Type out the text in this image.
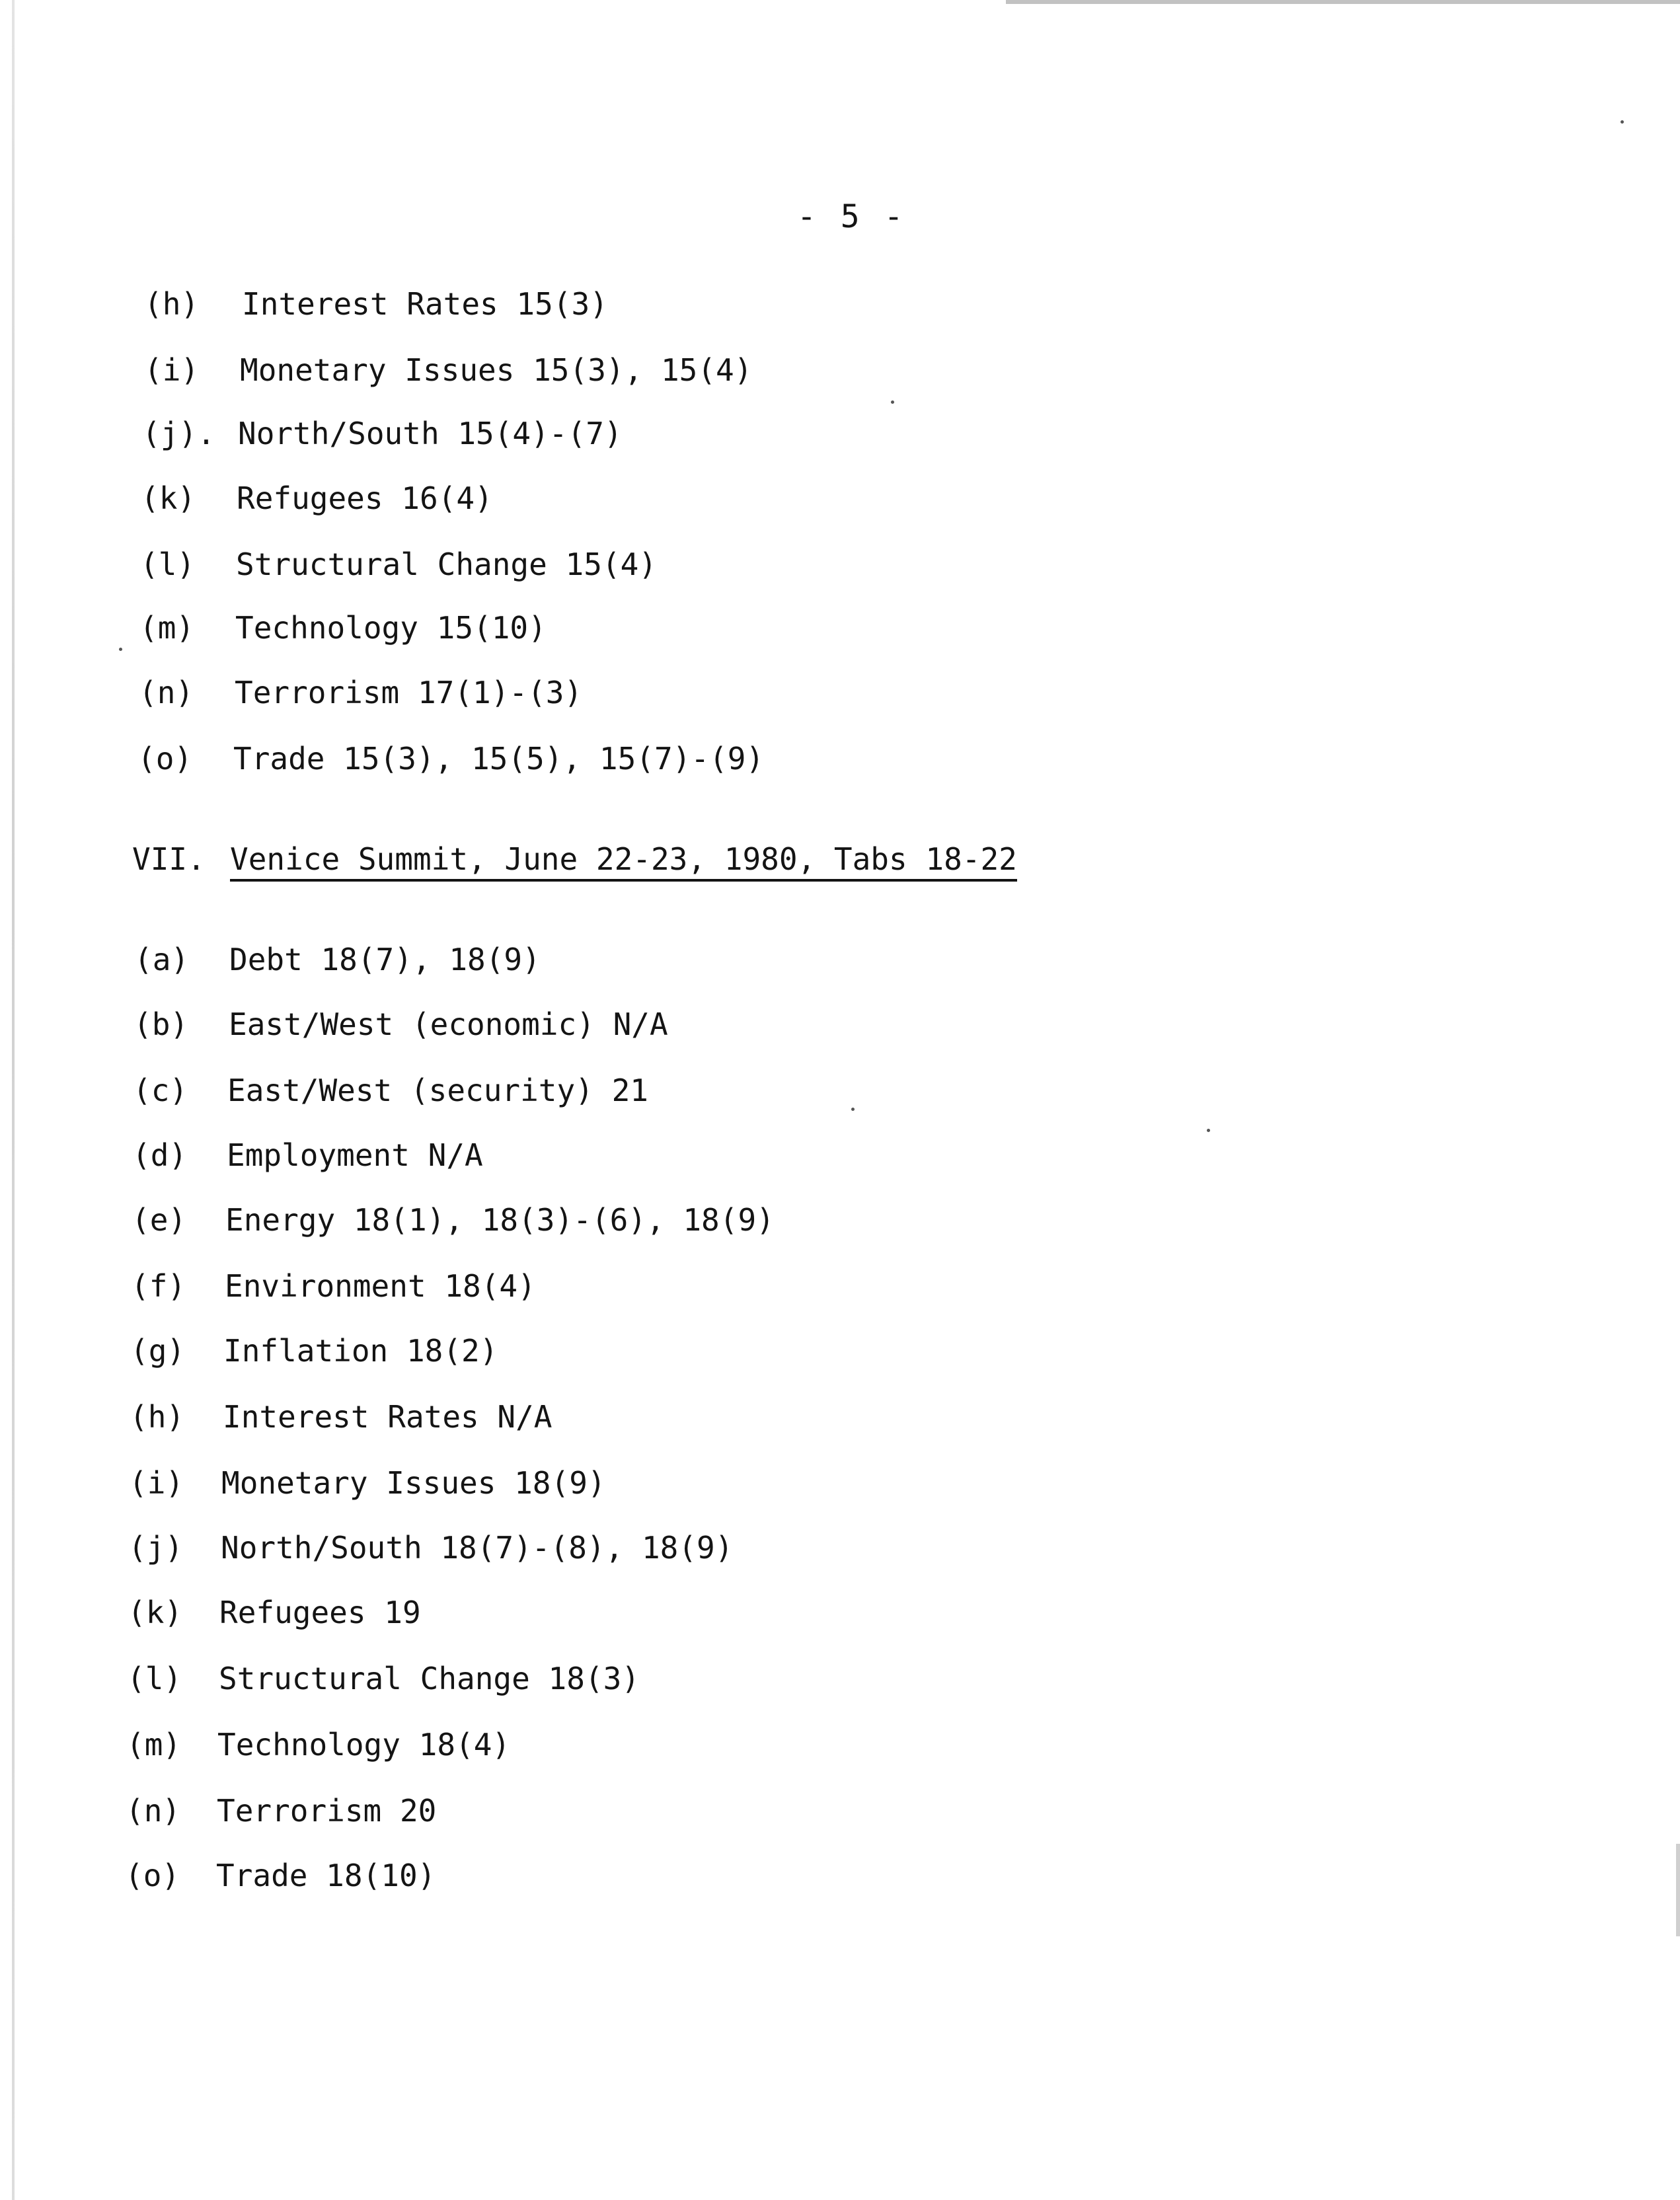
- 5 -

(h)

Interest Rates 15(3)

(i)

Monetary Issues 15(3), 15(4)

(j).

North/South 15(4)-(7)

(k)

Refugees 16(4)

(l)

Structural Change 15(4)

(m)

Technology 15(10)

(n)

Terrorism 17(1)-(3)

(o)

Trade 15(3), 15(5), 15(7)-(9)

VII.

Venice Summit, June 22-23, 1980, Tabs 18-22

(a)

Debt 18(7), 18(9)

(b)

East/West (economic) N/A

(c)

East/West (security) 21

(d)

Employment N/A

(e)

Energy 18(1), 18(3)-(6), 18(9)

(f)

Environment 18(4)

(g)

Inflation 18(2)

(h)

Interest Rates N/A

(i)

Monetary Issues 18(9)

(j)

North/South 18(7)-(8), 18(9)

(k)

Refugees 19

(l)

Structural Change 18(3)

(m)

Technology 18(4)

(n)

Terrorism 20

(o)

Trade 18(10)
